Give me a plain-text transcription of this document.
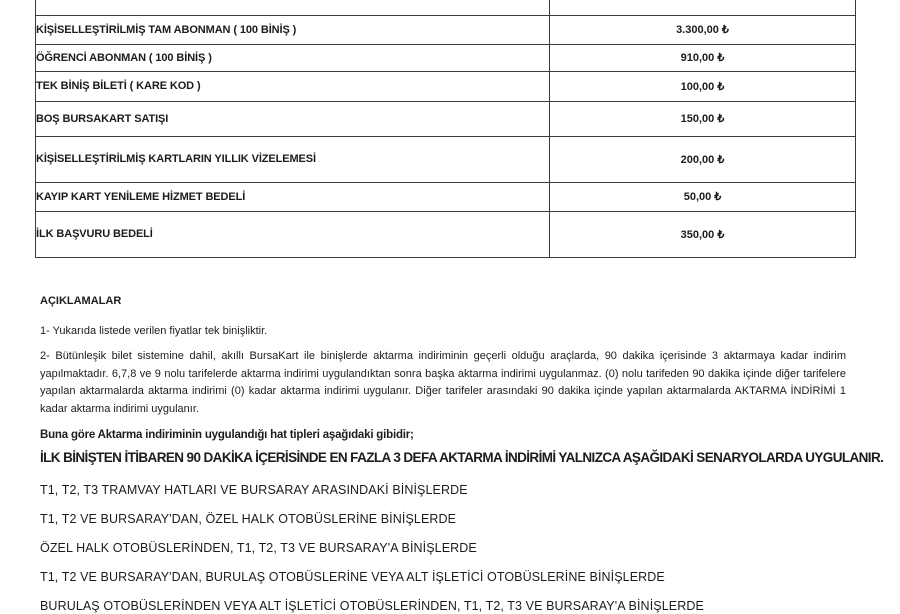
KİŞİSELLEŞTİRİLMİŞ TAM ABONMAN ( 100 BİNİŞ )	3.300,00 ₺
ÖĞRENCİ ABONMAN ( 100 BİNİŞ )	910,00 ₺
TEK BİNİŞ BİLETİ ( KARE KOD )	100,00 ₺
BOŞ BURSAKART SATIŞI	150,00 ₺
KİŞİSELLEŞTİRİLMİŞ KARTLARIN YILLIK VİZELEMESİ	200,00 ₺
KAYIP KART YENİLEME HİZMET BEDELİ	50,00 ₺
İLK BAŞVURU BEDELİ	350,00 ₺
AÇIKLAMALAR
1- Yukarıda listede verilen fiyatlar tek binişliktir.
2- Bütünleşik bilet sistemine dahil, akıllı BursaKart ile binişlerde aktarma indiriminin geçerli olduğu araçlarda, 90 dakika içerisinde 3 aktarmaya kadar indirim yapılmaktadır. 6,7,8 ve 9 nolu tarifelerde aktarma indirimi uygulandıktan sonra başka aktarma indirimi uygulanmaz. (0) nolu tarifeden 90 dakika içinde diğer tarifelere yapılan aktarmalarda aktarma indirimi (0) kadar aktarma indirimi uygulanır. Diğer tarifeler arasındaki 90 dakika içinde yapılan aktarmalarda AKTARMA İNDİRİMİ 1 kadar aktarma indirimi uygulanır.
Buna göre Aktarma indiriminin uygulandığı hat tipleri aşağıdaki gibidir;
İLK BİNİŞTEN İTİBAREN 90 DAKİKA İÇERİSİNDE EN FAZLA 3 DEFA AKTARMA İNDİRİMİ YALNIZCA AŞAĞIDAKİ SENARYOLARDA UYGULANIR.
T1, T2, T3 TRAMVAY HATLARI VE BURSARAY ARASINDAKİ BİNİŞLERDE
T1, T2 VE BURSARAY'DAN, ÖZEL HALK OTOBÜSLERİNE BİNİŞLERDE
ÖZEL HALK OTOBÜSLERİNDEN, T1, T2, T3 VE BURSARAY'A BİNİŞLERDE
T1, T2 VE BURSARAY'DAN, BURULAŞ OTOBÜSLERİNE VEYA ALT İŞLETİCİ OTOBÜSLERİNE BİNİŞLERDE
BURULAŞ OTOBÜSLERİNDEN VEYA ALT İŞLETİCİ OTOBÜSLERİNDEN, T1, T2, T3 VE BURSARAY'A BİNİŞLERDE
